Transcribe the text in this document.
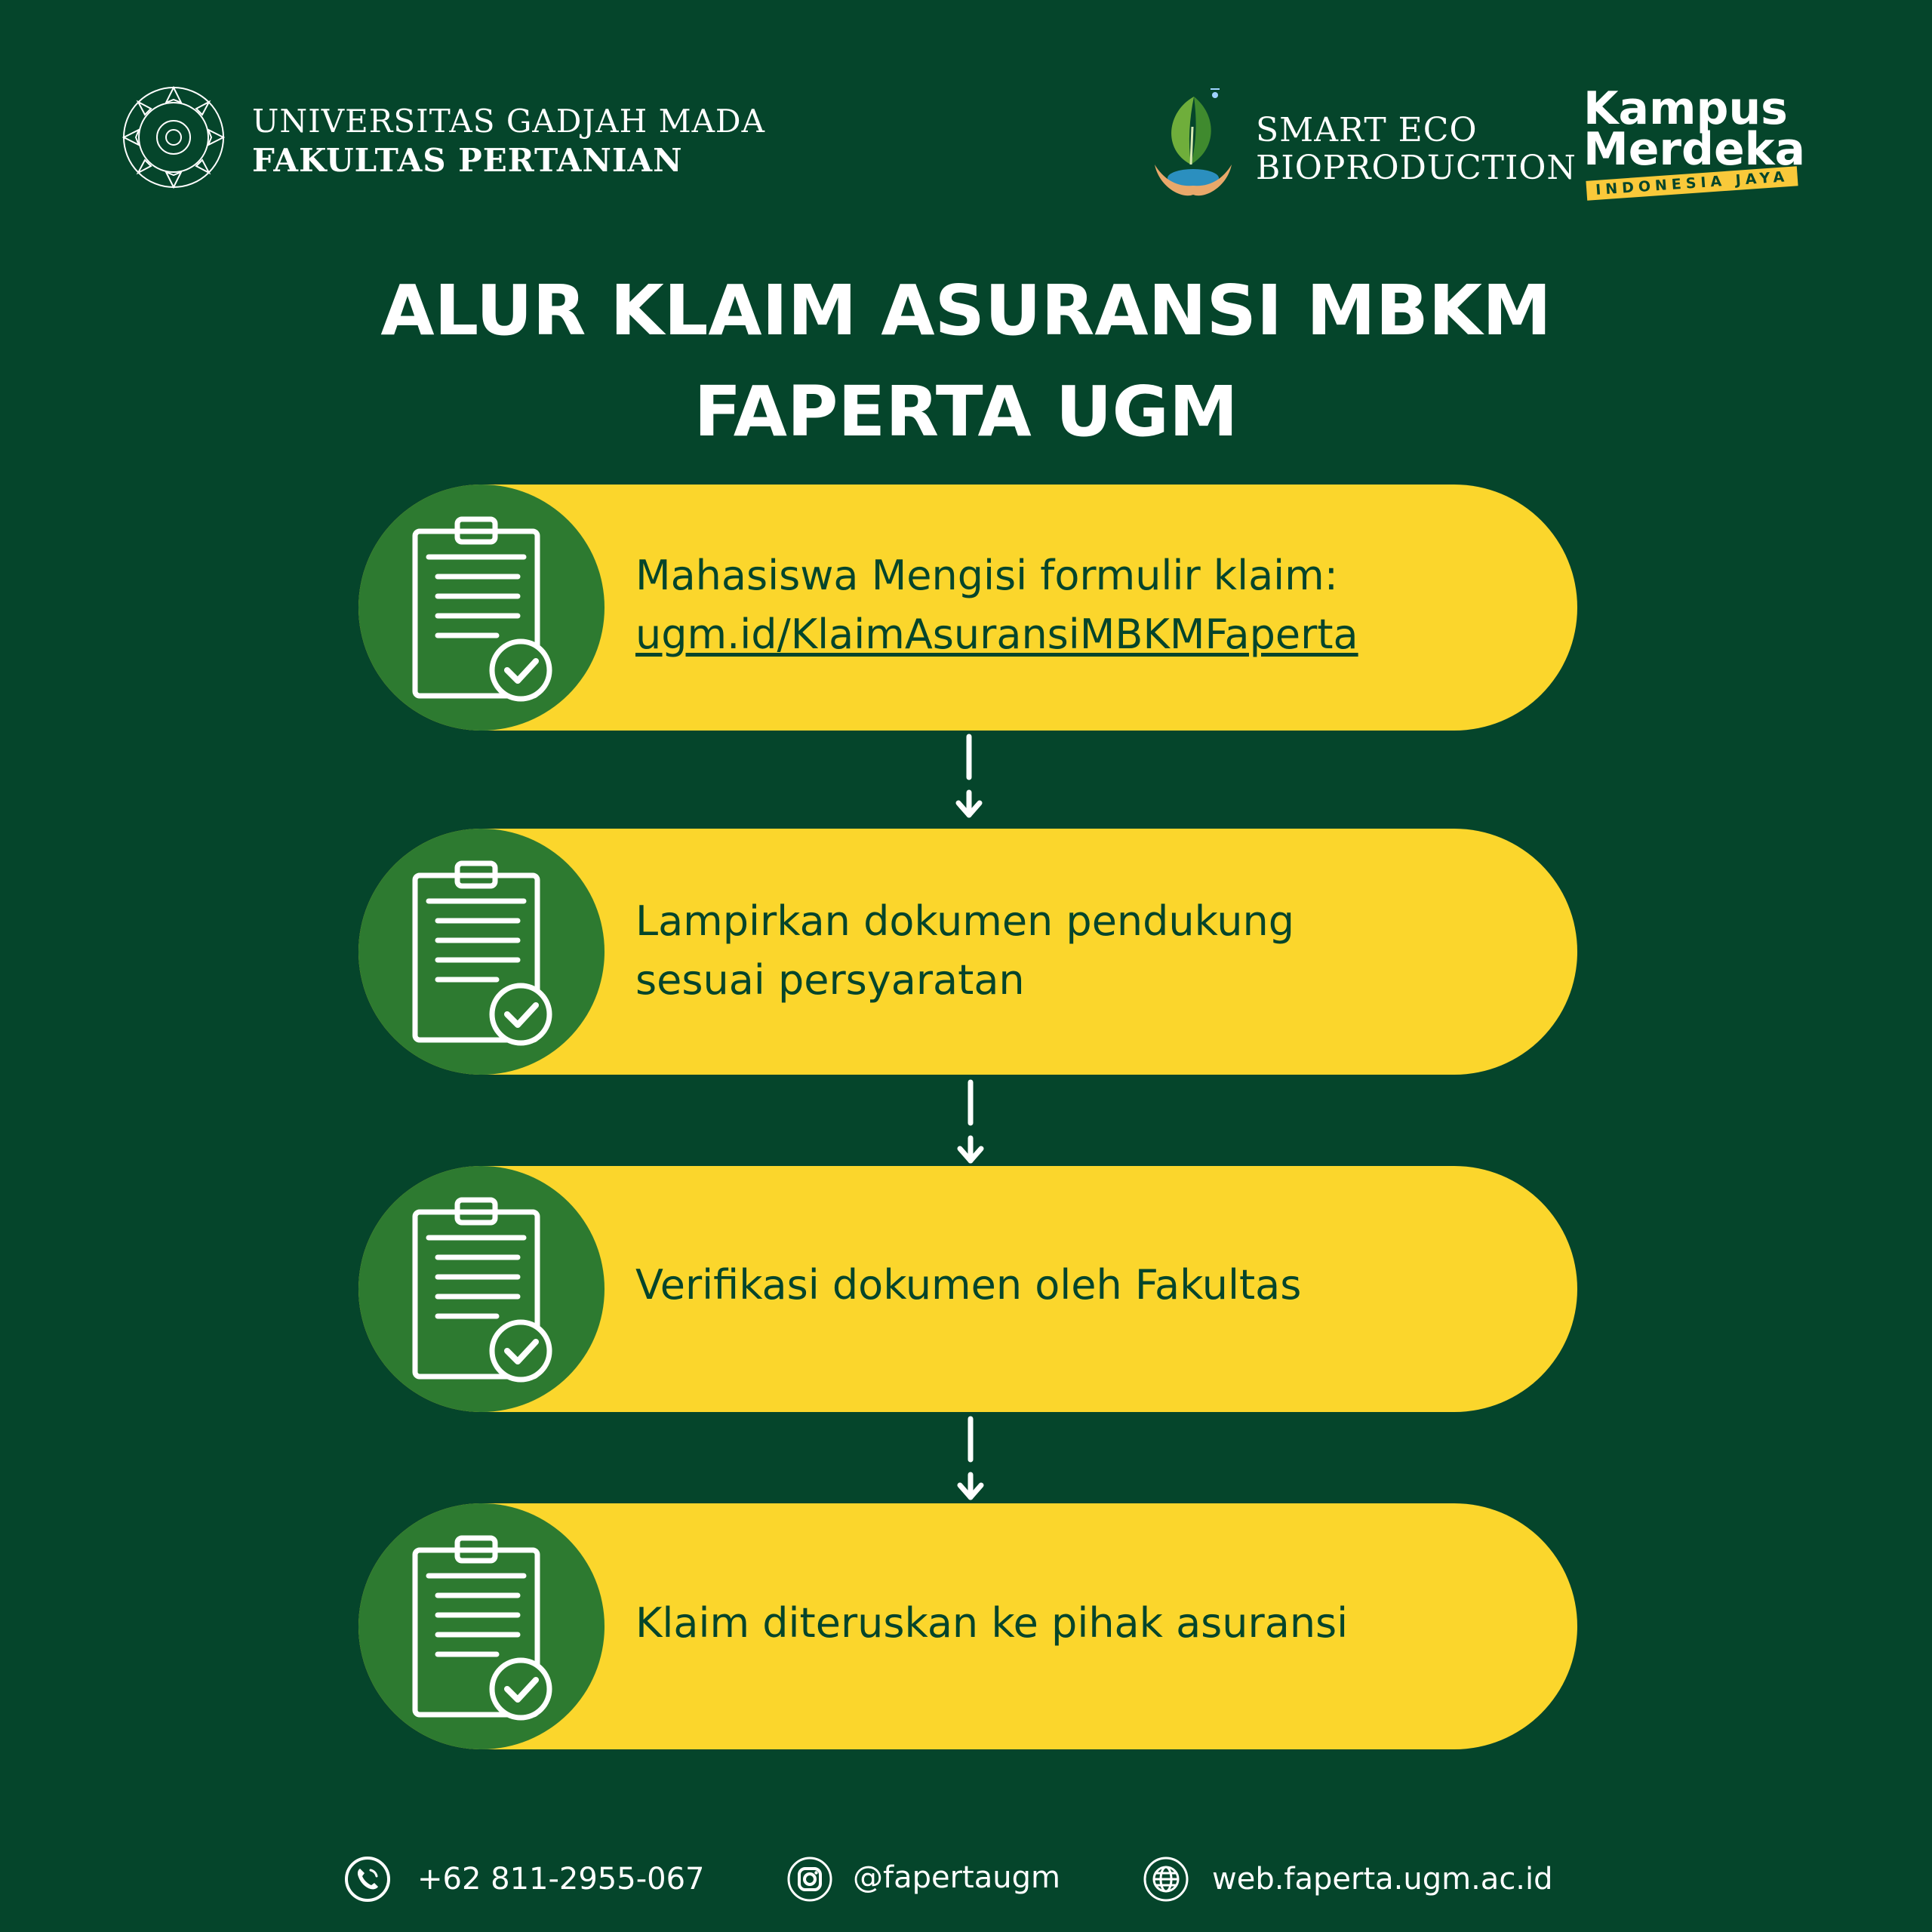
UNIVERSITAS GADJAH MADA
FAKULTAS PERTANIAN
SMART ECO
BIOPRODUCTION
Kampus
Merdeka
INDONESIA JAYA
ALUR KLAIM ASURANSI MBKM
FAPERTA UGM
Mahasiswa Mengisi formulir klaim:
ugm.id/KlaimAsuransiMBKMFaperta
Lampirkan dokumen pendukung
sesuai persyaratan
Verifikasi dokumen oleh Fakultas
Klaim diteruskan ke pihak asuransi
+62 811-2955-067	@fapertaugm	web.faperta.ugm.ac.id
